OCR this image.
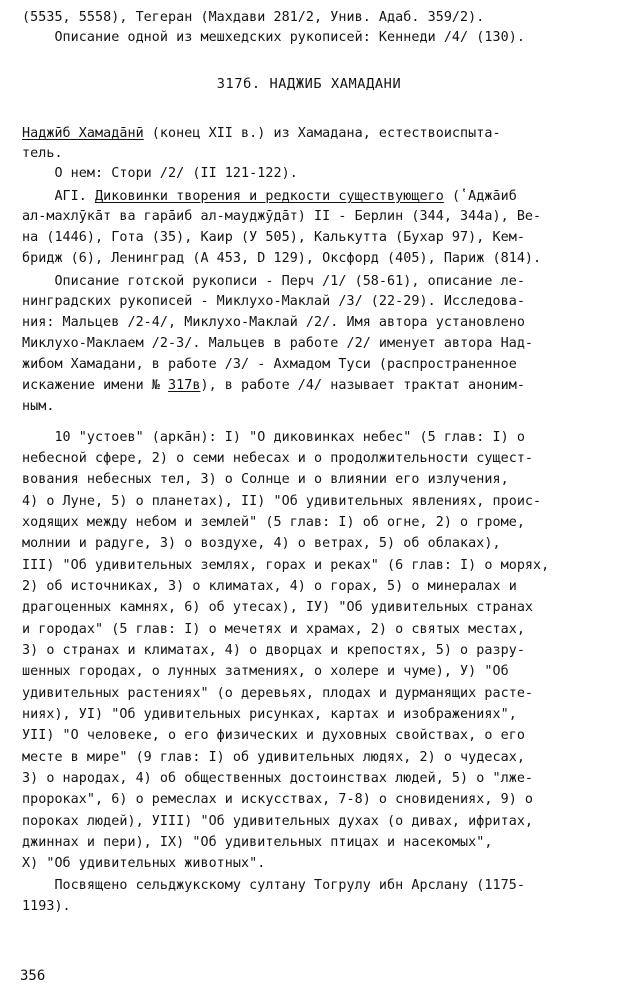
(5535, 5558), Тегеран (Махдави 281/2, Унив. Адаб. 359/2).
Описание одной из мешхедских рукописей: Кеннеди /4/ (130).
317б. НАДЖИБ ХАМАДАНИ
Наджӣб Хамадāнӣ (конец XII в.) из Хамадана, естествоиспыта-
тель.
О нем: Стори /2/ (II 121-122).
АГI. Диковинки творения и редкости существующего (ʽАджāиб
ал-махлӯкāт ва гарāиб ал-мауджӯдāт) II - Берлин (344, 344а), Ве-
на (1446), Гота (35), Каир (У 505), Калькутта (Бухар 97), Кем-
бридж (6), Ленинград (А 453, D 129), Оксфорд (405), Париж (814).
Описание готской рукописи - Перч /1/ (58-61), описание ле-
нинградских рукописей - Миклухо-Маклай /3/ (22-29). Исследова-
ния: Мальцев /2-4/, Миклухо-Маклай /2/. Имя автора установлено
Миклухо-Маклаем /2-3/. Мальцев в работе /2/ именует автора Над-
жибом Хамадани, в работе /3/ - Ахмадом Туси (распространенное
искажение имени № 317в), в работе /4/ называет трактат аноним-
ным.
10 "устоев" (аркāн): I) "О диковинках небес" (5 глав: I) о
небесной сфере, 2) о семи небесах и о продолжительности сущест-
вования небесных тел, 3) о Солнце и о влиянии его излучения,
4) о Луне, 5) о планетах), II) "Об удивительных явлениях, проис-
ходящих между небом и землей" (5 глав: I) об огне, 2) о громе,
молнии и радуге, 3) о воздухе, 4) о ветрах, 5) об облаках),
III) "Об удивительных землях, горах и реках" (6 глав: I) о морях,
2) об источниках, 3) о климатах, 4) о горах, 5) о минералах и
драгоценных камнях, 6) об утесах), IУ) "Об удивительных странах
и городах" (5 глав: I) о мечетях и храмах, 2) о святых местах,
3) о странах и климатах, 4) о дворцах и крепостях, 5) о разру-
шенных городах, о лунных затмениях, о холере и чуме), У) "Об
удивительных растениях" (о деревьях, плодах и дурманящих расте-
ниях), УI) "Об удивительных рисунках, картах и изображениях",
УII) "О человеке, о его физических и духовных свойствах, о его
месте в мире" (9 глав: I) об удивительных людях, 2) о чудесах,
3) о народах, 4) об общественных достоинствах людей, 5) о "лже-
пророках", 6) о ремеслах и искусствах, 7-8) о сновидениях, 9) о
пороках людей), УIII) "Об удивительных духах (о дивах, ифритах,
джиннах и пери), IX) "Об удивительных птицах и насекомых",
X) "Об удивительных животных".
Посвящено сельджукскому султану Тогрулу ибн Арслану (1175-
1193).
356
